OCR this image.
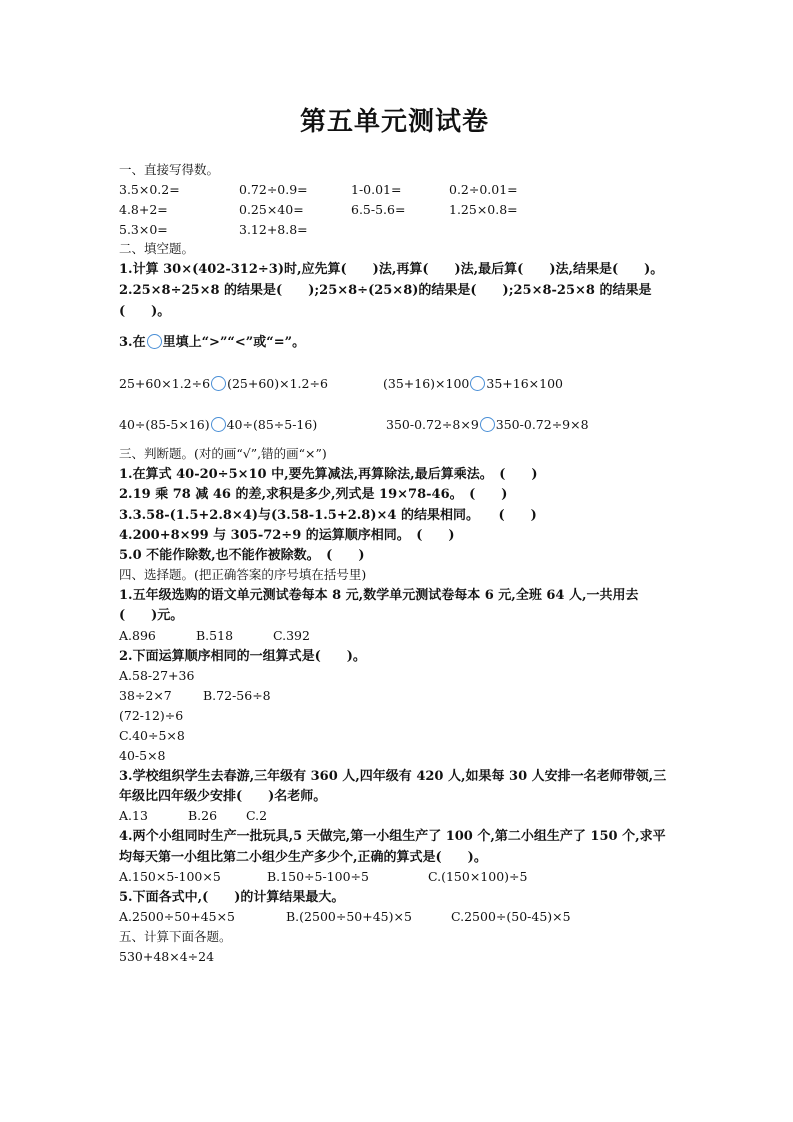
第五单元测试卷
一、直接写得数。
3.5×0.2=	0.72÷0.9=	1-0.01=	0.2÷0.01=
4.8+2=	0.25×40=	6.5-5.6=	1.25×0.8=
5.3×0=	3.12+8.8=
二、填空题。
1.计算 30×(402-312÷3)时,应先算(　　)法,再算(　　)法,最后算(　　)法,结果是(　　)。
2.25×8÷25×8 的结果是(　　);25×8÷(25×8)的结果是(　　);25×8-25×8 的结果是
(　　)。
3.在 里填上“>”“<”或“=”。
25+60×1.2÷6 (25+60)×1.2÷6	(35+16)×100 35+16×100
40÷(85-5×16) 40÷(85÷5-16)	350-0.72÷8×9 350-0.72÷9×8
三、判断题。(对的画“√”,错的画“×”)
1.在算式 40-20÷5×10 中,要先算减法,再算除法,最后算乘法。　(　　)
2.19 乘 78 减 46 的差,求积是多少,列式是 19×78-46。　(　　)
3.3.58-(1.5+2.8×4)与(3.58-1.5+2.8)×4 的结果相同。　　(　　)
4.200+8×99 与 305-72÷9 的运算顺序相同。　(　　)
5.0 不能作除数,也不能作被除数。　(　　)
四、选择题。(把正确答案的序号填在括号里)
1.五年级选购的语文单元测试卷每本 8 元,数学单元测试卷每本 6 元,全班 64 人,一共用去
(　　)元。
A.896	B.518	C.392
2.下面运算顺序相同的一组算式是(　　)。
A.58-27+36
38÷2×7 B.72-56÷8
(72-12)÷6
C.40÷5×8
40-5×8
3.学校组织学生去春游,三年级有 360 人,四年级有 420 人,如果每 30 人安排一名老师带领,三
年级比四年级少安排(　　)名老师。
A.13	B.26 C.2
4.两个小组同时生产一批玩具,5 天做完,第一小组生产了 100 个,第二小组生产了 150 个,求平
均每天第一小组比第二小组少生产多少个,正确的算式是(　　)。
A.150×5-100×5	B.150÷5-100÷5	C.(150×100)÷5
5.下面各式中,(　　)的计算结果最大。
A.2500÷50+45×5	B.(2500÷50+45)×5	C.2500÷(50-45)×5
五、计算下面各题。
530+48×4÷24
